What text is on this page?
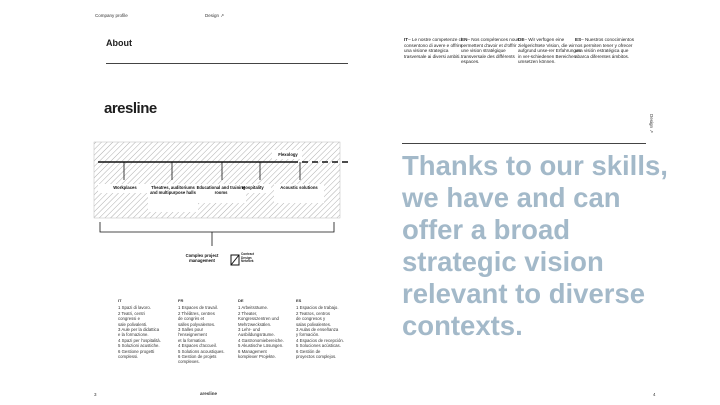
Company profile	Design ↗
About	IT– Le nostre competenze ci consentono di avere e offrire una visione strategica trasversale ai diversi ambiti.
EN– Nos compétences nous permettent d'avoir et d'offrir une vision stratégique transversale des différents espaces.
DE– Wir verfügen eine zielgerichtete Vision, die wir aufgrund unse-rer Erfahrungen in ver-schiedenen Bereichen umsetzen können.
ES– Nuestros conocimientos nos permiten tener y ofrecer una visión estratégica que abarca diferentes ámbitos.
aresline
Flexology
Workplaces	Theatres, auditoriums and multipurpose halls
Educational and training rooms
Hospitality	Acoustic solutions
Complex project management
Contract
Design
Network
IT
1 Spazi di lavoro.
2 Teatri, centri
congressi e
sale polivalenti.
3 Aule per la didattica
e la formazione.
4 Spazi per l'ospitalità.
5 Soluzioni acustiche.
6 Gestione progetti
complessi.
FR
1 Espaces de travail.
2 Théâtres, centres
de congrès et
salles polyvalentes.
3 Salles pour
l'enseignement
et la formation.
4 Espaces d'accueil.
5 Solutions acoustiques.
6 Gestion de projets
complexes.
DE
1 Arbeitsräume.
2 Theater,
Kongresszentren und
Mehrzwecksälen.
3 Lehr- und
Ausbildungsräume.
4 Gastronomiebereiche.
5 Akustische Lösungen.
6 Management
komplexer Projekte.
ES
1 Espacios de trabajo.
2 Teatros, centros
de congresos y
salas polivalentes.
3 Aulas de enseñanza
y formación.
4 Espacios de recepción.
5 Soluciones acústicas.
6 Gestión de
proyectos complejos.
Thanks to our skills, we have and can offer a broad strategic vision relevant to diverse contexts.
Design ↗
3	aresline	4
